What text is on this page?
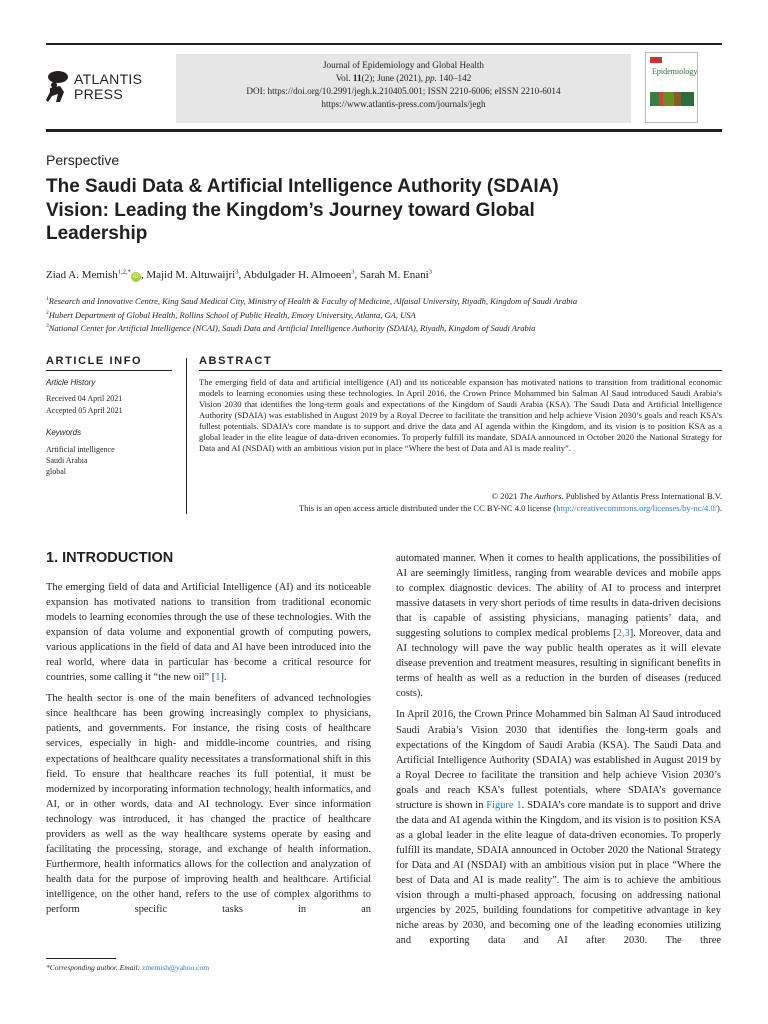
ATLANTIS
PRESS
Journal of Epidemiology and Global Health
Vol. 11(2); June (2021), pp. 140–142
DOI: https://doi.org/10.2991/jegh.k.210405.001; ISSN 2210-6006; eISSN 2210-6014
https://www.atlantis-press.com/journals/jegh
Epidemiology
Perspective
The Saudi Data & Artificial Intelligence Authority (SDAIA) Vision: Leading the Kingdom’s Journey toward Global Leadership
Ziad A. Memish$^{1,2,*}$iD , Majid M. Altuwaijri$^3$, Abdulgader H. Almoeen$^3$, Sarah M. Enani$^3$
$^1$Research and Innovative Centre, King Saud Medical City, Ministry of Health & Faculty of Medicine, Alfaisal University, Riyadh, Kingdom of Saudi Arabia
$^2$Hubert Department of Global Health, Rollins School of Public Health, Emory University, Atlanta, GA, USA
$^3$National Center for Artificial Intelligence (NCAI), Saudi Data and Artificial Intelligence Authority (SDAIA), Riyadh, Kingdom of Saudi Arabia
ARTICLE INFO
Article History
Received 04 April 2021
Accepted 05 April 2021
Keywords
Artificial intelligence
Saudi Arabia
global
ABSTRACT
The emerging field of data and artificial intelligence (AI) and its noticeable expansion has motivated nations to transition from traditional economic models to learning economies using these technologies. In April 2016, the Crown Prince Mohammed bin Salman Al Saud introduced Saudi Arabia’s Vision 2030 that identifies the long-term goals and expectations of the Kingdom of Saudi Arabia (KSA). The Saudi Data and Artificial Intelligence Authority (SDAIA) was established in August 2019 by a Royal Decree to facilitate the transition and help achieve Vision 2030’s goals and reach KSA’s fullest potentials. SDAIA’s core mandate is to support and drive the data and AI agenda within the Kingdom, and its vision is to position KSA as a global leader in the elite league of data-driven economies. To properly fulfill its mandate, SDAIA announced in October 2020 the National Strategy for Data and AI (NSDAI) with an ambitious vision put in place “Where the best of Data and AI is made reality”.
© 2021 The Authors. Published by Atlantis Press International B.V.
This is an open access article distributed under the CC BY-NC 4.0 license (http://creativecommons.org/licenses/by-nc/4.0/).
1. INTRODUCTION

The emerging field of data and Artificial Intelligence (AI) and its noticeable expansion has motivated nations to transition from traditional economic models to learning economies through the use of these technologies. With the expansion of data volume and exponential growth of computing powers, various applications in the field of data and AI have been introduced into the real world, where data in particular has become a critical resource for countries, some calling it “the new oil” [1].

The health sector is one of the main benefiters of advanced technologies since healthcare has been growing increasingly complex to physicians, patients, and governments. For instance, the rising costs of healthcare services, especially in high- and middle-income countries, and rising expectations of healthcare quality necessitates a transformational shift in this field. To ensure that healthcare reaches its full potential, it must be modernized by incorporating information technology, health informatics, and AI, or in other words, data and AI technology. Ever since information technology was introduced, it has changed the practice of healthcare providers as well as the way healthcare systems operate by easing and facilitating the processing, storage, and exchange of health information. Furthermore, health informatics allows for the collection and analyzation of health data for the purpose of improving health and healthcare. Artificial intelligence, on the other hand, refers to the use of complex algorithms to perform specific tasks in an

automated manner. When it comes to health applications, the possibilities of AI are seemingly limitless, ranging from wearable devices and mobile apps to complex diagnostic devices. The ability of AI to process and interpret massive datasets in very short periods of time results in data-driven decisions that is capable of assisting physicians, managing patients’ data, and suggesting solutions to complex medical problems [2,3]. Moreover, data and AI technology will pave the way public health operates as it will elevate disease prevention and treatment measures, resulting in significant benefits in terms of health as well as a reduction in the burden of diseases (reduced costs).

In April 2016, the Crown Prince Mohammed bin Salman Al Saud introduced Saudi Arabia’s Vision 2030 that identifies the long-term goals and expectations of the Kingdom of Saudi Arabia (KSA). The Saudi Data and Artificial Intelligence Authority (SDAIA) was established in August 2019 by a Royal Decree to facilitate the transition and help achieve Vision 2030’s goals and reach KSA’s fullest potentials, where SDAIA’s governance structure is shown in Figure 1. SDAIA’s core mandate is to support and drive the data and AI agenda within the Kingdom, and its vision is to position KSA as a global leader in the elite league of data-driven economies. To properly fulfill its mandate, SDAIA announced in October 2020 the National Strategy for Data and AI (NSDAI) with an ambitious vision put in place “Where the best of Data and AI is made reality”. The aim is to achieve the ambitious vision through a multi-phased approach, focusing on addressing national urgencies by 2025, building foundations for competitive advantage in key niche areas by 2030, and becoming one of the leading economies utilizing and exporting data and AI after 2030. The three

*Corresponding author. Email: zmemish@yahoo.com
